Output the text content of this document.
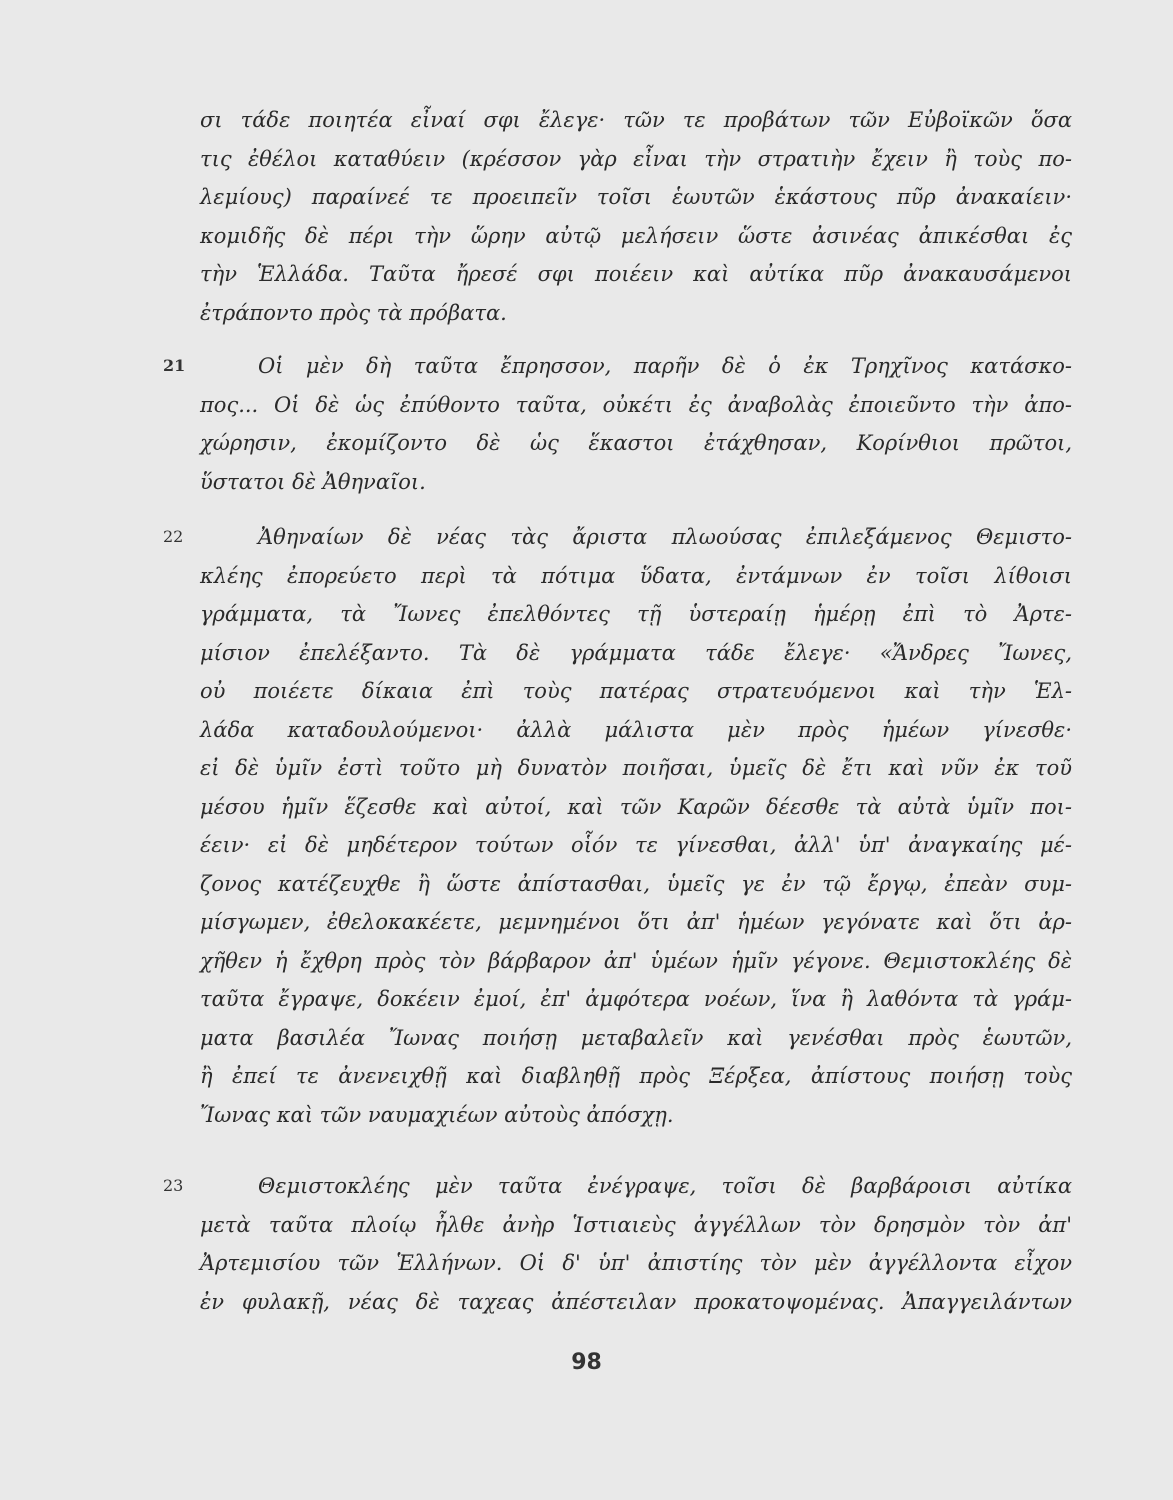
σι τάδε ποιητέα εἶναί σφι ἔλεγε· τῶν τε προβάτων τῶν Εὐβοϊκῶν ὅσα
τις ἐθέλοι καταθύειν (κρέσσον γὰρ εἶναι τὴν στρατιὴν ἔχειν ἢ τοὺς πο-
λεμίους) παραίνεέ τε προειπεῖν τοῖσι ἑωυτῶν ἑκάστους πῦρ ἀνακαίειν·
κομιδῆς δὲ πέρι τὴν ὥρην αὐτῷ μελήσειν ὥστε ἀσινέας ἀπικέσθαι ἐς
τὴν Ἑλλάδα. Ταῦτα ἤρεσέ σφι ποιέειν καὶ αὐτίκα πῦρ ἀνακαυσάμενοι
ἐτράποντο πρὸς τὰ πρόβατα.
21	Οἱ μὲν δὴ ταῦτα ἔπρησσον, παρῆν δὲ ὁ ἐκ Τρηχῖνος κατάσκο-
πος... Οἱ δὲ ὡς ἐπύθοντο ταῦτα, οὐκέτι ἐς ἀναβολὰς ἐποιεῦντο τὴν ἀπο-
χώρησιν, ἐκομίζοντο δὲ ὡς ἕκαστοι ἐτάχθησαν, Κορίνθιοι πρῶτοι,
ὕστατοι δὲ Ἀθηναῖοι.
22	Ἀθηναίων δὲ νέας τὰς ἄριστα πλωούσας ἐπιλεξάμενος Θεμιστο-
κλέης ἐπορεύετο περὶ τὰ πότιμα ὕδατα, ἐντάμνων ἐν τοῖσι λίθοισι
γράμματα, τὰ Ἴωνες ἐπελθόντες τῇ ὑστεραίῃ ἡμέρῃ ἐπὶ τὸ Ἀρτε-
μίσιον ἐπελέξαντο. Τὰ δὲ γράμματα τάδε ἔλεγε· «Ἄνδρες Ἴωνες,
οὐ ποιέετε δίκαια ἐπὶ τοὺς πατέρας στρατευόμενοι καὶ τὴν Ἑλ-
λάδα καταδουλούμενοι· ἀλλὰ μάλιστα μὲν πρὸς ἡμέων γίνεσθε·
εἰ δὲ ὑμῖν ἐστὶ τοῦτο μὴ δυνατὸν ποιῆσαι, ὑμεῖς δὲ ἔτι καὶ νῦν ἐκ τοῦ
μέσου ἡμῖν ἕζεσθε καὶ αὐτοί, καὶ τῶν Καρῶν δέεσθε τὰ αὐτὰ ὑμῖν ποι-
έειν· εἰ δὲ μηδέτερον τούτων οἷόν τε γίνεσθαι, ἀλλ' ὑπ' ἀναγκαίης μέ-
ζονος κατέζευχθε ἢ ὥστε ἀπίστασθαι, ὑμεῖς γε ἐν τῷ ἔργῳ, ἐπεὰν συμ-
μίσγωμεν, ἐθελοκακέετε, μεμνημένοι ὅτι ἀπ' ἡμέων γεγόνατε καὶ ὅτι ἀρ-
χῆθεν ἡ ἔχθρη πρὸς τὸν βάρβαρον ἀπ' ὑμέων ἡμῖν γέγονε. Θεμιστοκλέης δὲ
ταῦτα ἔγραψε, δοκέειν ἐμοί, ἐπ' ἀμφότερα νοέων, ἵνα ἢ λαθόντα τὰ γράμ-
ματα βασιλέα Ἴωνας ποιήσῃ μεταβαλεῖν καὶ γενέσθαι πρὸς ἑωυτῶν,
ἢ ἐπεί τε ἀνενειχθῇ καὶ διαβληθῇ πρὸς Ξέρξεα, ἀπίστους ποιήσῃ τοὺς
Ἴωνας καὶ τῶν ναυμαχιέων αὐτοὺς ἀπόσχῃ.
23	Θεμιστοκλέης μὲν ταῦτα ἐνέγραψε, τοῖσι δὲ βαρβάροισι αὐτίκα
μετὰ ταῦτα πλοίῳ ἦλθε ἀνὴρ Ἱστιαιεὺς ἀγγέλλων τὸν δρησμὸν τὸν ἀπ'
Ἀρτεμισίου τῶν Ἑλλήνων. Οἱ δ' ὑπ' ἀπιστίης τὸν μὲν ἀγγέλλοντα εἶχον
ἐν φυλακῇ, νέας δὲ ταχεας ἀπέστειλαν προκατοψομένας. Ἀπαγγειλάντων
98
